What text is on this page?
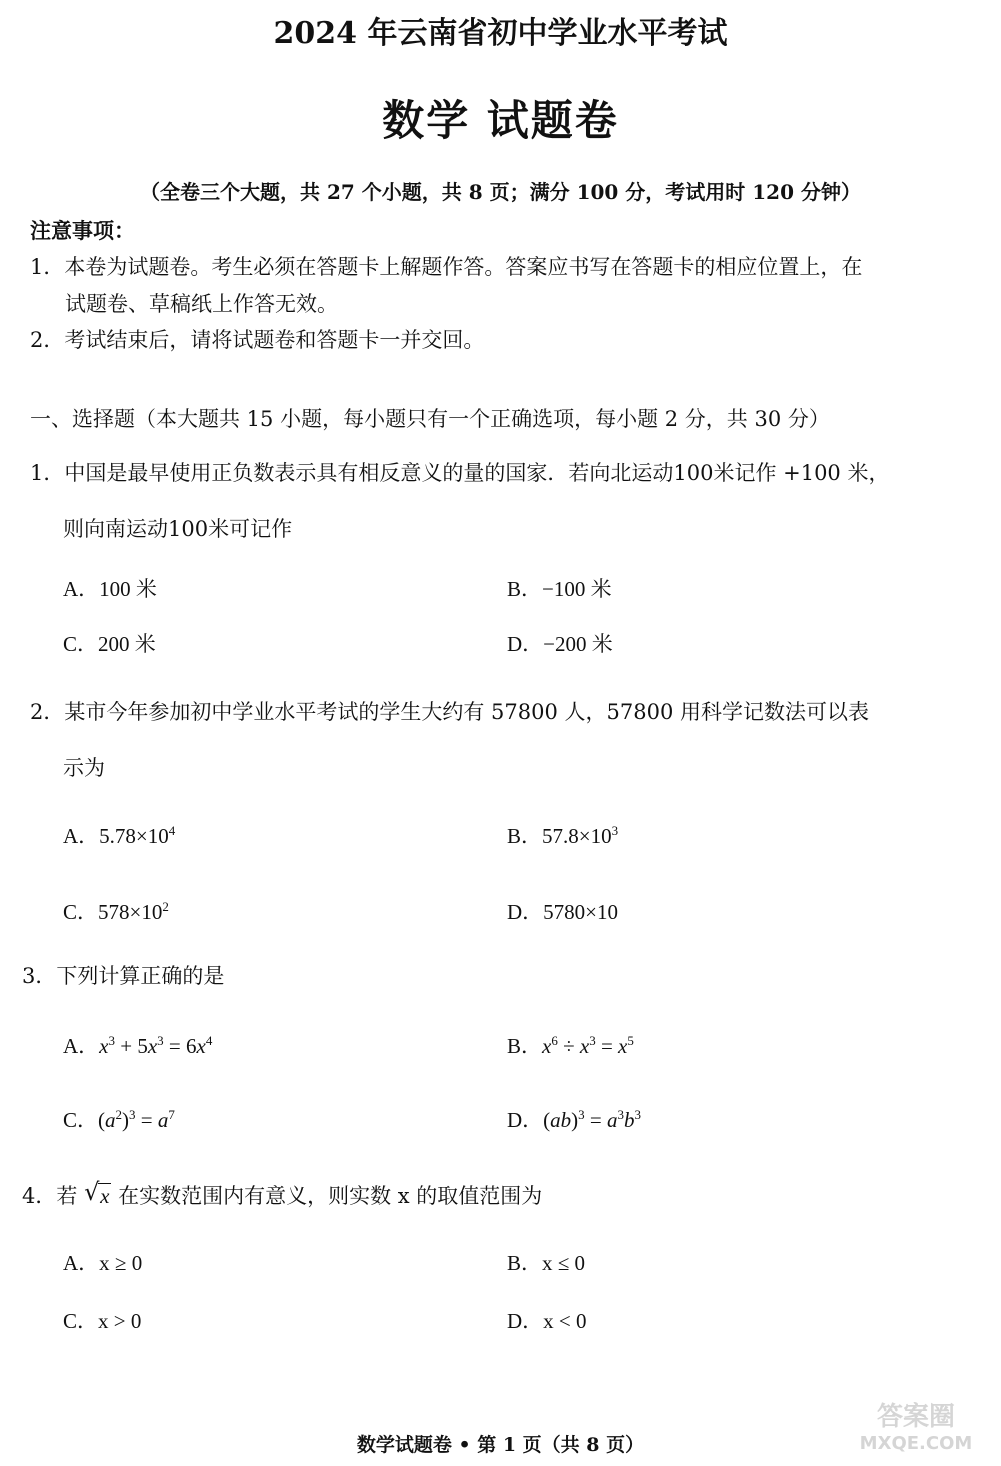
2024 年云南省初中学业水平考试
数学 试题卷
（全卷三个大题，共 27 个小题，共 8 页；满分 100 分，考试用时 120 分钟）
注意事项：
1．本卷为试题卷。考生必须在答题卡上解题作答。答案应书写在答题卡的相应位置上，在
试题卷、草稿纸上作答无效。
2．考试结束后，请将试题卷和答题卡一并交回。
一、选择题（本大题共 15 小题，每小题只有一个正确选项，每小题 2 分，共 30 分）
1．中国是最早使用正负数表示具有相反意义的量的国家．若向北运动100米记作 +100 米，
则向南运动100米可记作
A．100 米	B．−100 米
C．200 米	D．−200 米
2．某市今年参加初中学业水平考试的学生大约有 57800 人，57800 用科学记数法可以表
示为
A．$5.78\times 10^4$	B．$57.8\times 10^3$
C．$578\times 10^2$	D．5780×10
3．下列计算正确的是
A．$x^3 + 5x^3 = 6x^4$	B．$x^6 \div x^3 = x^5$
C．$(a^2)^3 = a^7$	D．$(ab)^3 = a^3b^3$
4．若 √ x 在实数范围内有意义，则实数 x 的取值范围为
A．x ≥ 0	B．x ≤ 0
C．x > 0	D．x < 0
数学试题卷 • 第 1 页（共 8 页）
答案圈
MXQE.COM
